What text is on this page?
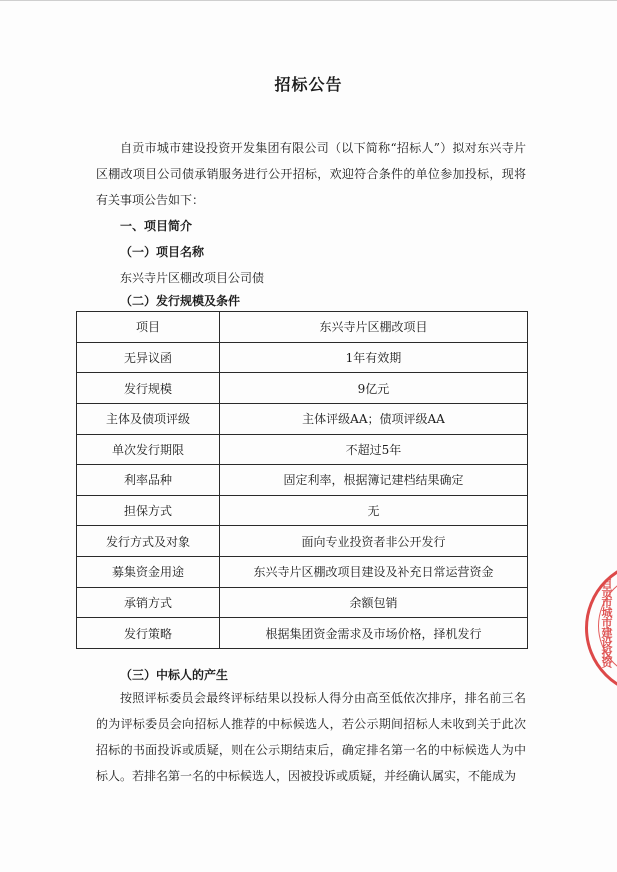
招标公告
自贡市城市建设投资开发集团有限公司（以下简称“招标人”）拟对东兴寺片区棚改项目公司债承销服务进行公开招标，欢迎符合条件的单位参加投标，现将有关事项公告如下：
一、项目简介
（一）项目名称
东兴寺片区棚改项目公司债
（二）发行规模及条件
项目	东兴寺片区棚改项目
无异议函	1年有效期
发行规模	9亿元
主体及债项评级	主体评级AA；债项评级AA
单次发行期限	不超过5年
利率品种	固定利率，根据簿记建档结果确定
担保方式	无
发行方式及对象	面向专业投资者非公开发行
募集资金用途	东兴寺片区棚改项目建设及补充日常运营资金
承销方式	余额包销
发行策略	根据集团资金需求及市场价格，择机发行
（三）中标人的产生
按照评标委员会最终评标结果以投标人得分由高至低依次排序，排名前三名的为评标委员会向招标人推荐的中标候选人，若公示期间招标人未收到关于此次招标的书面投诉或质疑，则在公示期结束后，确定排名第一名的中标候选人为中标人。若排名第一名的中标候选人，因被投诉或质疑，并经确认属实，不能成为
自贡市城市建设投资
